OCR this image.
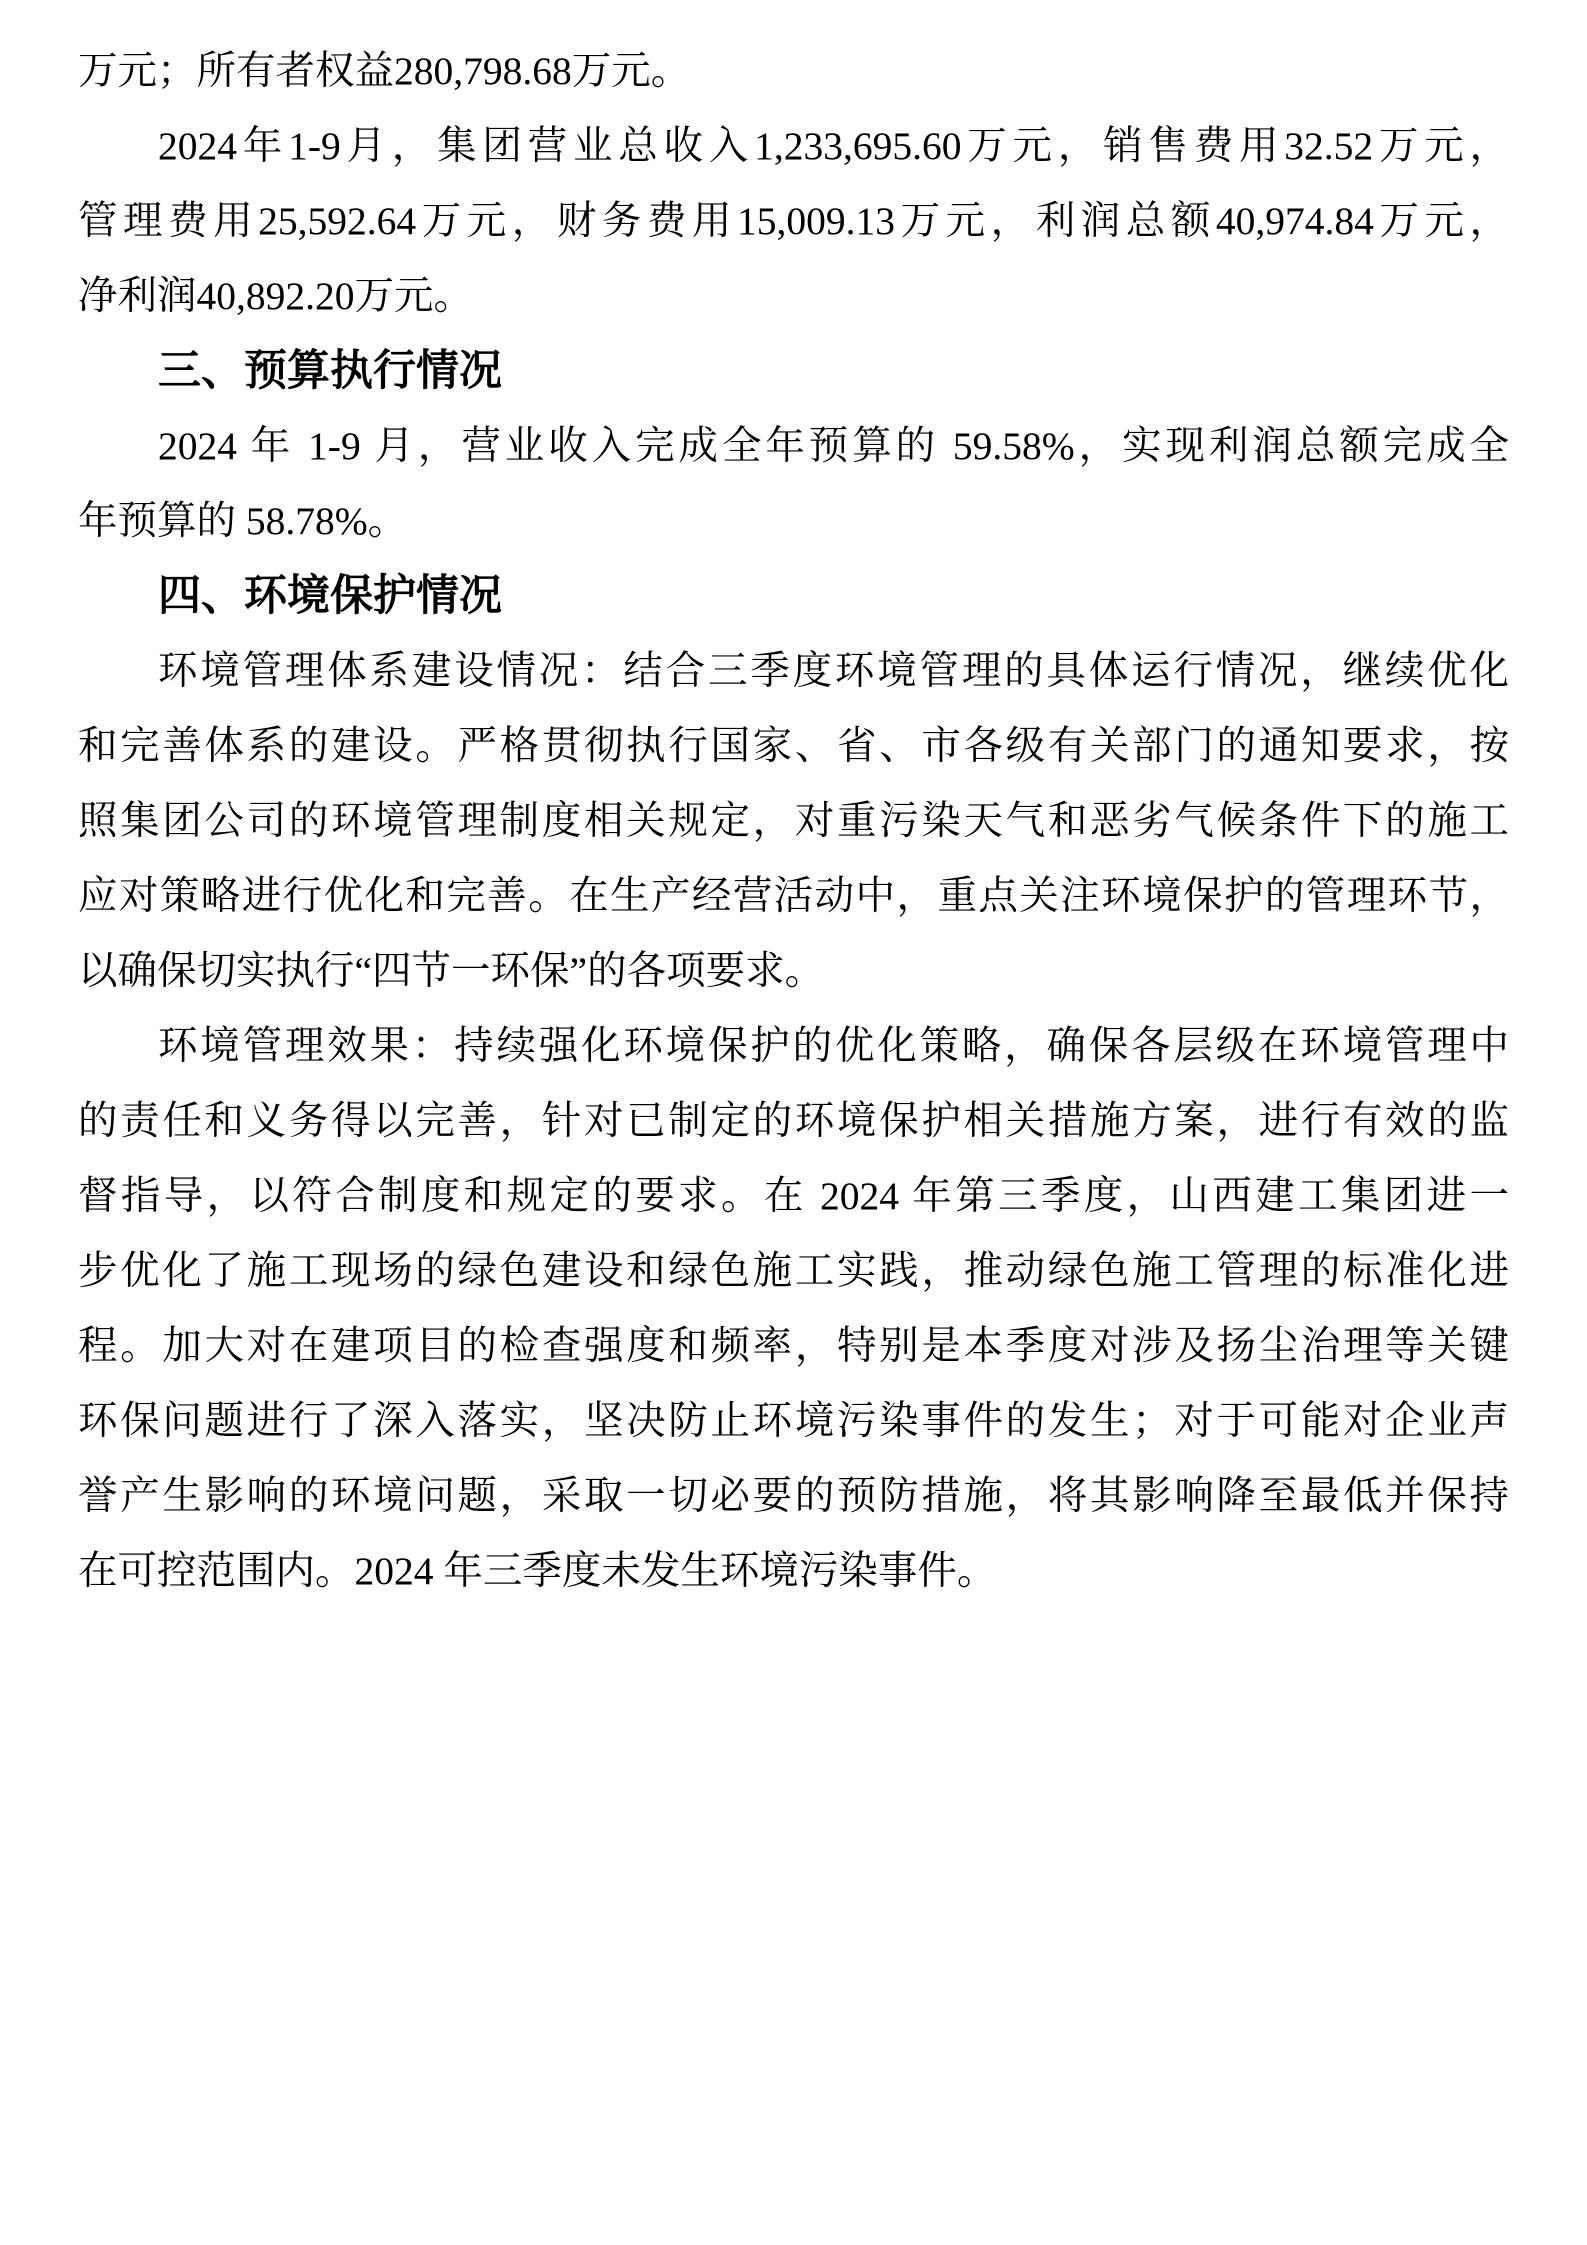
万元；所有者权益280,798.68万元。
2024年1-9月，集团营业总收入1,233,695.60万元，销售费用32.52万元，
管理费用25,592.64万元，财务费用15,009.13万元，利润总额40,974.84万元，
净利润40,892.20万元。
三、预算执行情况
2024 年 1-9 月，营业收入完成全年预算的 59.58%，实现利润总额完成全
年预算的 58.78%。
四、环境保护情况
环境管理体系建设情况：结合三季度环境管理的具体运行情况，继续优化
和完善体系的建设。严格贯彻执行国家、省、市各级有关部门的通知要求，按
照集团公司的环境管理制度相关规定，对重污染天气和恶劣气候条件下的施工
应对策略进行优化和完善。在生产经营活动中，重点关注环境保护的管理环节，
以确保切实执行“四节一环保”的各项要求。
环境管理效果：持续强化环境保护的优化策略，确保各层级在环境管理中
的责任和义务得以完善，针对已制定的环境保护相关措施方案，进行有效的监
督指导，以符合制度和规定的要求。在 2024 年第三季度，山西建工集团进一
步优化了施工现场的绿色建设和绿色施工实践，推动绿色施工管理的标准化进
程。加大对在建项目的检查强度和频率，特别是本季度对涉及扬尘治理等关键
环保问题进行了深入落实，坚决防止环境污染事件的发生；对于可能对企业声
誉产生影响的环境问题，采取一切必要的预防措施，将其影响降至最低并保持
在可控范围内。2024 年三季度未发生环境污染事件。
